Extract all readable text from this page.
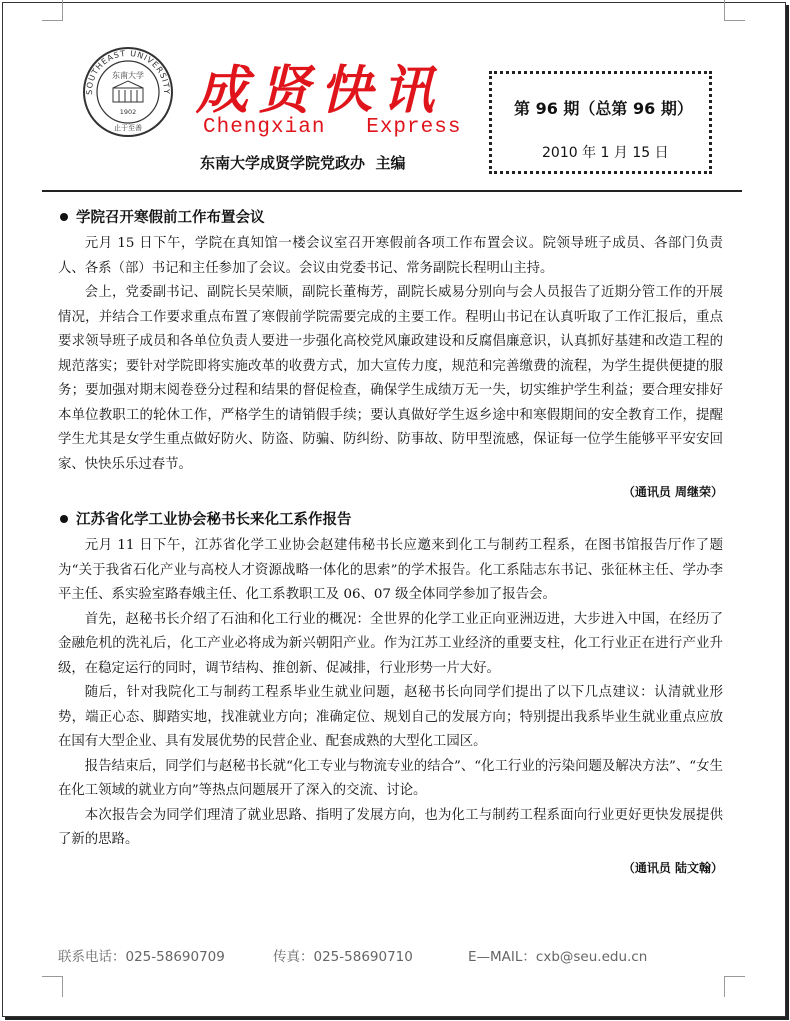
SOUTHEAST UNIVERSITY
东南大学
1902
止于至善
成贤快讯
Chengxian   Express
东南大学成贤学院党政办  主编
第 96 期（总第 96 期）
2010 年 1 月 15 日
学院召开寒假前工作布置会议

元月 15 日下午，学院在真知馆一楼会议室召开寒假前各项工作布置会议。院领导班子成员、各部门负责人、各系（部）书记和主任参加了会议。会议由党委书记、常务副院长程明山主持。

会上，党委副书记、副院长吴荣顺，副院长董梅芳，副院长威易分别向与会人员报告了近期分管工作的开展情况，并结合工作要求重点布置了寒假前学院需要完成的主要工作。程明山书记在认真听取了工作汇报后，重点要求领导班子成员和各单位负责人要进一步强化高校党风廉政建设和反腐倡廉意识，认真抓好基建和改造工程的规范落实；要针对学院即将实施改革的收费方式，加大宣传力度，规范和完善缴费的流程，为学生提供便捷的服务；要加强对期末阅卷登分过程和结果的督促检查，确保学生成绩万无一失，切实维护学生利益；要合理安排好本单位教职工的轮休工作，严格学生的请销假手续；要认真做好学生返乡途中和寒假期间的安全教育工作，提醒学生尤其是女学生重点做好防火、防盗、防骗、防纠纷、防事故、防甲型流感，保证每一位学生能够平平安安回家、快快乐乐过春节。

（通讯员 周继荣）
江苏省化学工业协会秘书长来化工系作报告

元月 11 日下午，江苏省化学工业协会赵建伟秘书长应邀来到化工与制药工程系，在图书馆报告厅作了题为“关于我省石化产业与高校人才资源战略一体化的思索”的学术报告。化工系陆志东书记、张征林主任、学办李平主任、系实验室路春娥主任、化工系教职工及 06、07 级全体同学参加了报告会。

首先，赵秘书长介绍了石油和化工行业的概况：全世界的化学工业正向亚洲迈进，大步进入中国，在经历了金融危机的洗礼后，化工产业必将成为新兴朝阳产业。作为江苏工业经济的重要支柱，化工行业正在进行产业升级，在稳定运行的同时，调节结构、推创新、促减排，行业形势一片大好。

随后，针对我院化工与制药工程系毕业生就业问题，赵秘书长向同学们提出了以下几点建议：认清就业形势，端正心态、脚踏实地，找准就业方向；准确定位、规划自己的发展方向；特别提出我系毕业生就业重点应放在国有大型企业、具有发展优势的民营企业、配套成熟的大型化工园区。

报告结束后，同学们与赵秘书长就“化工专业与物流专业的结合”、“化工行业的污染问题及解决方法”、“女生在化工领域的就业方向”等热点问题展开了深入的交流、讨论。

本次报告会为同学们理清了就业思路、指明了发展方向，也为化工与制药工程系面向行业更好更快发展提供了新的思路。

（通讯员 陆文翰）
联系电话：025-58690709	传真：025-58690710	E—MAIL：cxb@seu.edu.cn
